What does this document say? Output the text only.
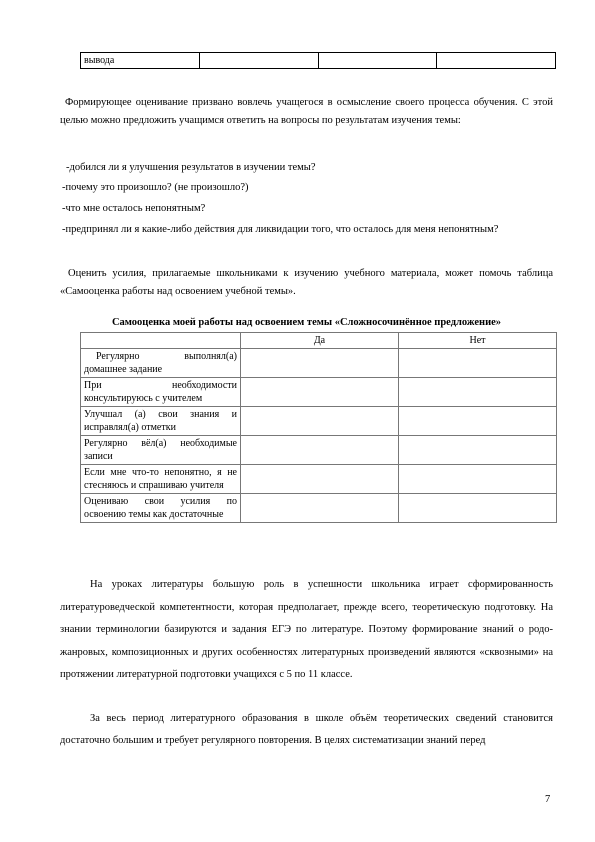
вывода			

Формирующее оценивание призвано вовлечь учащегося в осмысление своего процесса обучения. С этой целью можно предложить учащимся ответить на вопросы по результатам изучения темы:

-добился ли я улучшения результатов в изучении темы?

-почему это произошло? (не произошло?)

-что мне осталось непонятным?

-предпринял ли я какие-либо действия для ликвидации того, что осталось для меня непонятным?

Оценить усилия, прилагаемые школьниками к изучению учебного материала, может помочь таблица «Самооценка работы над освоением учебной темы».

Самооценка моей работы над освоением темы «Сложносочинённое предложение»

	Да	Нет
Регулярно выполнял(а) домашнее задание		
При необходимости консультируюсь с учителем		
Улучшал (а) свои знания и исправлял(а) отметки		
Регулярно вёл(а) необходимые записи		
Если мне что-то непонятно, я не стесняюсь и спрашиваю учителя		
Оцениваю свои усилия по освоению темы как достаточные		

На уроках литературы большую роль в успешности школьника играет сформированность литературоведческой компетентности, которая предполагает, прежде всего, теоретическую подготовку. На знании терминологии базируются и задания ЕГЭ по литературе. Поэтому формирование знаний о родо-жанровых, композиционных и других особенностях литературных произведений являются «сквозными» на протяжении литературной подготовки учащихся с 5 по 11 классе.

За весь период литературного образования в школе объём теоретических сведений становится достаточно большим и требует регулярного повторения. В целях систематизации знаний перед

7
